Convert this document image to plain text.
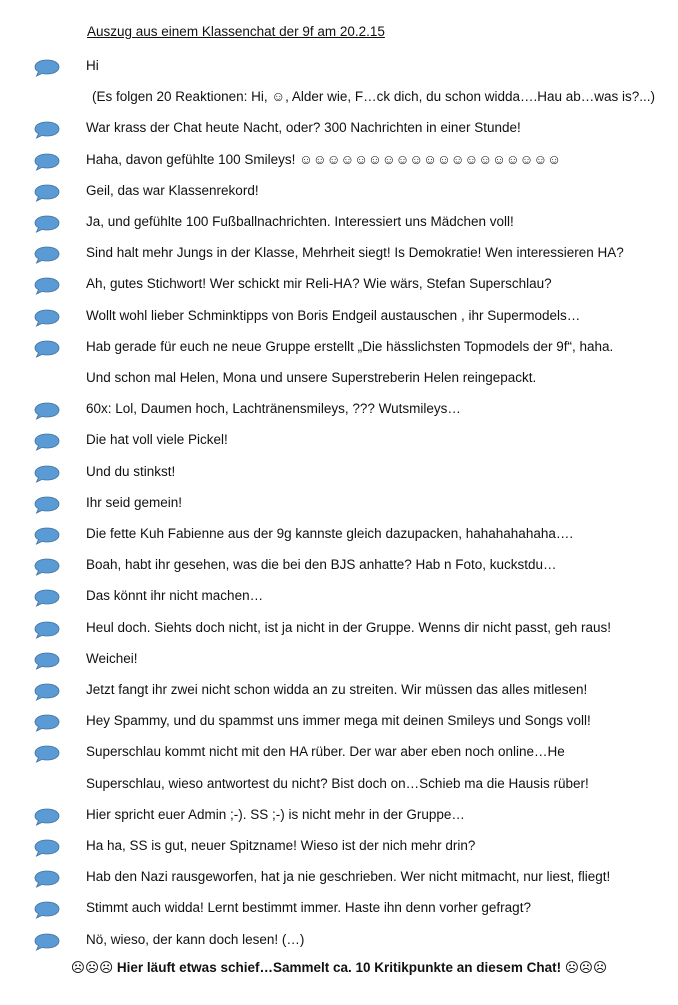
Auszug aus einem Klassenchat der 9f am 20.2.15
Hi
(Es folgen 20 Reaktionen: Hi, ☺, Alder wie, F…ck dich, du schon widda….Hau ab…was is?...)
War krass der Chat heute Nacht, oder? 300 Nachrichten in einer Stunde!
Haha, davon gefühlte 100 Smileys! ☺☺☺☺☺☺☺☺☺☺☺☺☺☺☺☺☺☺☺
Geil, das war Klassenrekord!
Ja, und gefühlte 100 Fußballnachrichten. Interessiert uns Mädchen voll!
Sind halt mehr Jungs in der Klasse, Mehrheit siegt! Is Demokratie! Wen interessieren HA?
Ah, gutes Stichwort! Wer schickt mir Reli-HA? Wie wärs, Stefan Superschlau?
Wollt wohl lieber Schminktipps von Boris Endgeil austauschen , ihr Supermodels…
Hab gerade für euch ne neue Gruppe erstellt „Die hässlichsten Topmodels der 9f“, haha.
Und schon mal Helen, Mona und unsere Superstreberin Helen reingepackt.
60x: Lol, Daumen hoch, Lachtränensmileys, ??? Wutsmileys…
Die hat voll viele Pickel!
Und du stinkst!
Ihr seid gemein!
Die fette Kuh Fabienne aus der 9g kannste gleich dazupacken, hahahahahaha….
Boah, habt ihr gesehen, was die bei den BJS anhatte? Hab n Foto, kuckstdu…
Das könnt ihr nicht machen…
Heul doch. Siehts doch nicht, ist ja nicht in der Gruppe. Wenns dir nicht passt, geh raus!
Weichei!
Jetzt fangt ihr zwei nicht schon widda an zu streiten. Wir müssen das alles mitlesen!
Hey Spammy, und du spammst uns immer mega mit deinen Smileys und Songs voll!
Superschlau kommt nicht mit den HA rüber. Der war aber eben noch online…He
Superschlau, wieso antwortest du nicht? Bist doch on…Schieb ma die Hausis rüber!
Hier spricht euer Admin ;-). SS ;-) is nicht mehr in der Gruppe…
Ha ha, SS is gut, neuer Spitzname! Wieso ist der nich mehr drin?
Hab den Nazi rausgeworfen, hat ja nie geschrieben. Wer nicht mitmacht, nur liest, fliegt!
Stimmt auch widda! Lernt bestimmt immer. Haste ihn denn vorher gefragt?
Nö, wieso, der kann doch lesen! (…)
☹☹☹ Hier läuft etwas schief…Sammelt ca. 10 Kritikpunkte an diesem Chat! ☹☹☹
